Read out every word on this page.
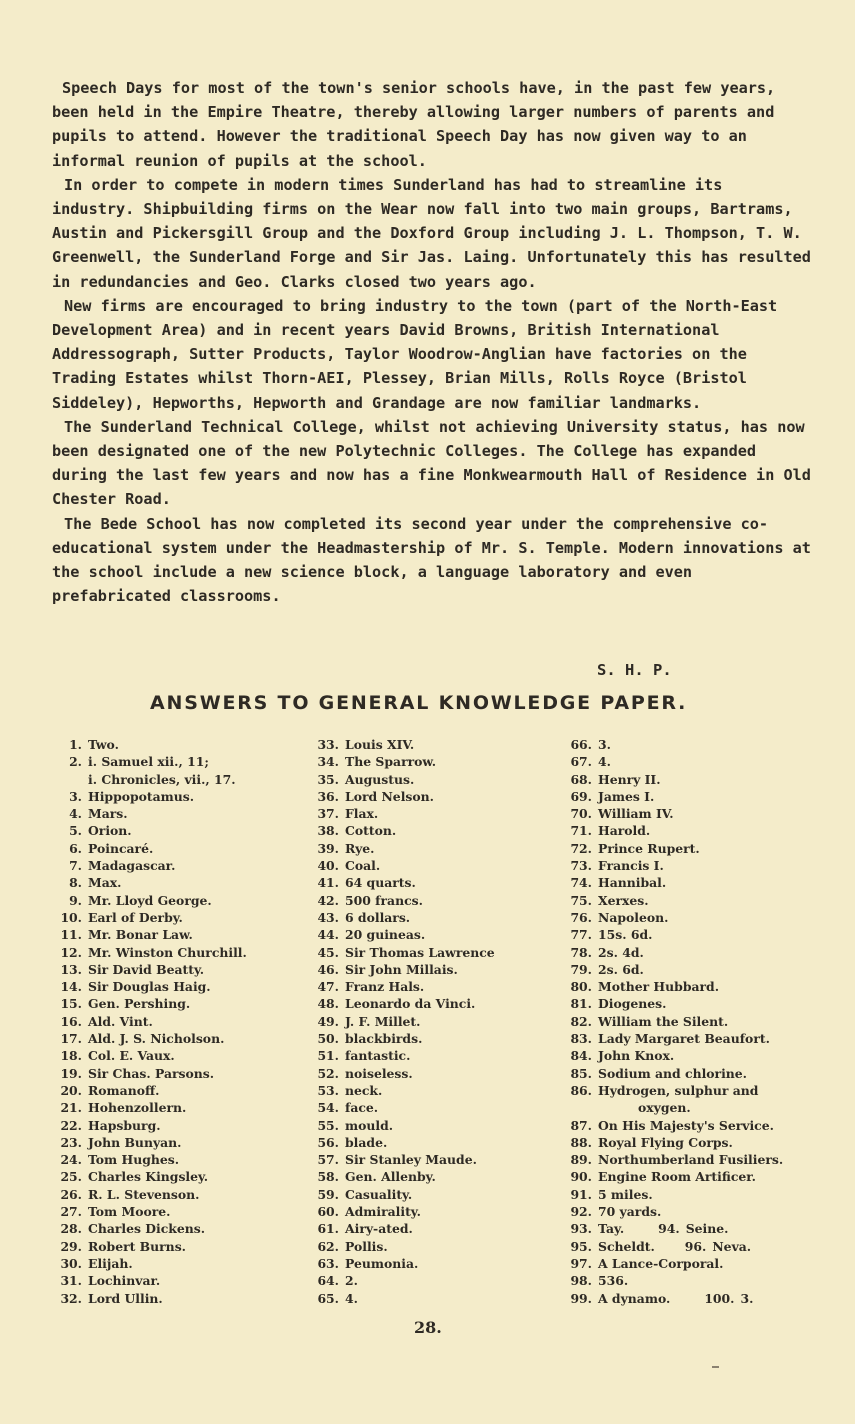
Speech Days for most of the town's senior schools have, in the past few years, been held in the Empire Theatre, thereby allowing larger numbers of parents and pupils to attend. However the traditional Speech Day has now given way to an informal reunion of pupils at the school.

In order to compete in modern times Sunderland has had to streamline its industry. Shipbuilding firms on the Wear now fall into two main groups, Bartrams, Austin and Pickersgill Group and the Doxford Group including J. L. Thompson, T. W. Greenwell, the Sunderland Forge and Sir Jas. Laing. Unfortunately this has resulted in redundancies and Geo. Clarks closed two years ago.

New firms are encouraged to bring industry to the town (part of the North-East Development Area) and in recent years David Browns, British International Addressograph, Sutter Products, Taylor Woodrow-Anglian have factories on the Trading Estates whilst Thorn-AEI, Plessey, Brian Mills, Rolls Royce (Bristol Siddeley), Hepworths, Hepworth and Grandage are now familiar landmarks.

The Sunderland Technical College, whilst not achieving University status, has now been designated one of the new Polytechnic Colleges. The College has expanded during the last few years and now has a fine Monkwearmouth Hall of Residence in Old Chester Road.

The Bede School has now completed its second year under the comprehensive co-educational system under the Headmastership of Mr. S. Temple. Modern innovations at the school include a new science block, a language laboratory and even prefabricated classrooms.

S. H. P.
ANSWERS TO GENERAL KNOWLEDGE PAPER.
1. Two.
2. i. Samuel xii., 11;
i. Chronicles, vii., 17.
3. Hippopotamus.
4. Mars.
5. Orion.
6. Poincaré.
7. Madagascar.
8. Max.
9. Mr. Lloyd George.
10. Earl of Derby.
11. Mr. Bonar Law.
12. Mr. Winston Churchill.
13. Sir David Beatty.
14. Sir Douglas Haig.
15. Gen. Pershing.
16. Ald. Vint.
17. Ald. J. S. Nicholson.
18. Col. E. Vaux.
19. Sir Chas. Parsons.
20. Romanoff.
21. Hohenzollern.
22. Hapsburg.
23. John Bunyan.
24. Tom Hughes.
25. Charles Kingsley.
26. R. L. Stevenson.
27. Tom Moore.
28. Charles Dickens.
29. Robert Burns.
30. Elijah.
31. Lochinvar.
32. Lord Ullin.
33. Louis XIV.
34. The Sparrow.
35. Augustus.
36. Lord Nelson.
37. Flax.
38. Cotton.
39. Rye.
40. Coal.
41. 64 quarts.
42. 500 francs.
43. 6 dollars.
44. 20 guineas.
45. Sir Thomas Lawrence
46. Sir John Millais.
47. Franz Hals.
48. Leonardo da Vinci.
49. J. F. Millet.
50. blackbirds.
51. fantastic.
52. noiseless.
53. neck.
54. face.
55. mould.
56. blade.
57. Sir Stanley Maude.
58. Gen. Allenby.
59. Casuality.
60. Admirality.
61. Airy-ated.
62. Pollis.
63. Peumonia.
64. 2.
65. 4.
66. 3.
67. 4.
68. Henry II.
69. James I.
70. William IV.
71. Harold.
72. Prince Rupert.
73. Francis I.
74. Hannibal.
75. Xerxes.
76. Napoleon.
77. 15s. 6d.
78. 2s. 4d.
79. 2s. 6d.
80. Mother Hubbard.
81. Diogenes.
82. William the Silent.
83. Lady Margaret Beaufort.
84. John Knox.
85. Sodium and chlorine.
86. Hydrogen, sulphur and
oxygen.
87. On His Majesty's Service.
88. Royal Flying Corps.
89. Northumberland Fusiliers.
90. Engine Room Artificer.
91. 5 miles.
92. 70 yards.
93. Tay.	94. Seine.
95. Scheldt. 96. Neva.
97. A Lance-Corporal.
98. 536.
99. A dynamo.	100. 3.
28.
